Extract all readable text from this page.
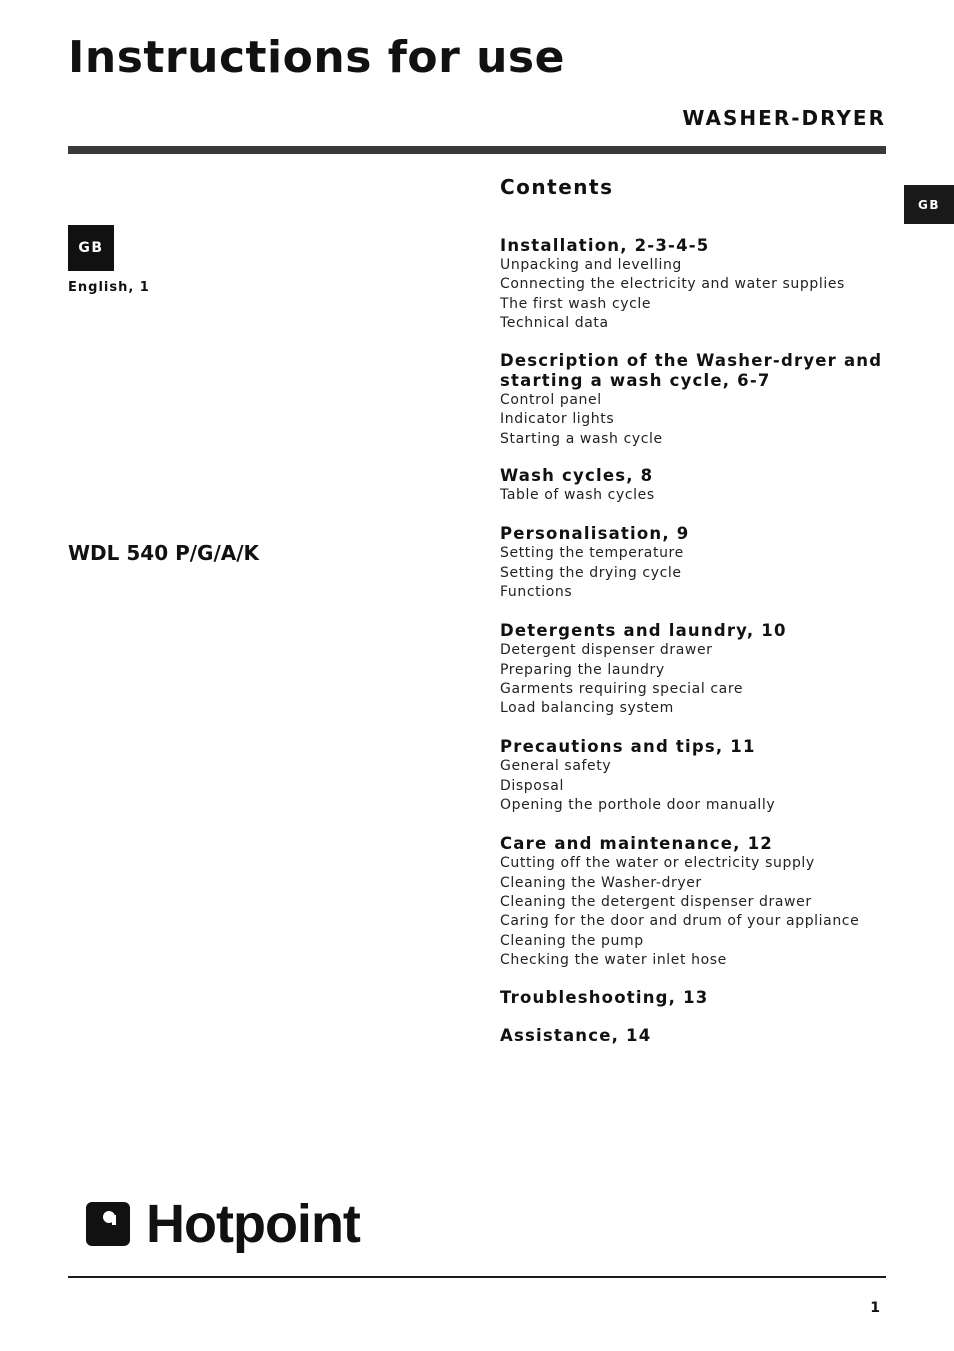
Instructions for use
WASHER-DRYER
GB
English, 1
GB
WDL 540 P/G/A/K
Contents
Installation, 2-3-4-5
Unpacking and levelling
Connecting the electricity and water supplies
The first wash cycle
Technical data
Description of the Washer-dryer and
starting a wash cycle, 6-7
Control panel
Indicator lights
Starting a wash cycle
Wash cycles, 8
Table of wash cycles
Personalisation, 9
Setting the temperature
Setting the drying cycle
Functions
Detergents and laundry, 10
Detergent dispenser drawer
Preparing the laundry
Garments requiring special care
Load balancing system
Precautions and tips, 11
General safety
Disposal
Opening the porthole door manually
Care and maintenance, 12
Cutting off the water or electricity supply
Cleaning the Washer-dryer
Cleaning the detergent dispenser drawer
Caring for the door and drum of your appliance
Cleaning the pump
Checking the water inlet hose
Troubleshooting, 13
Assistance, 14
Hotpoint
1
